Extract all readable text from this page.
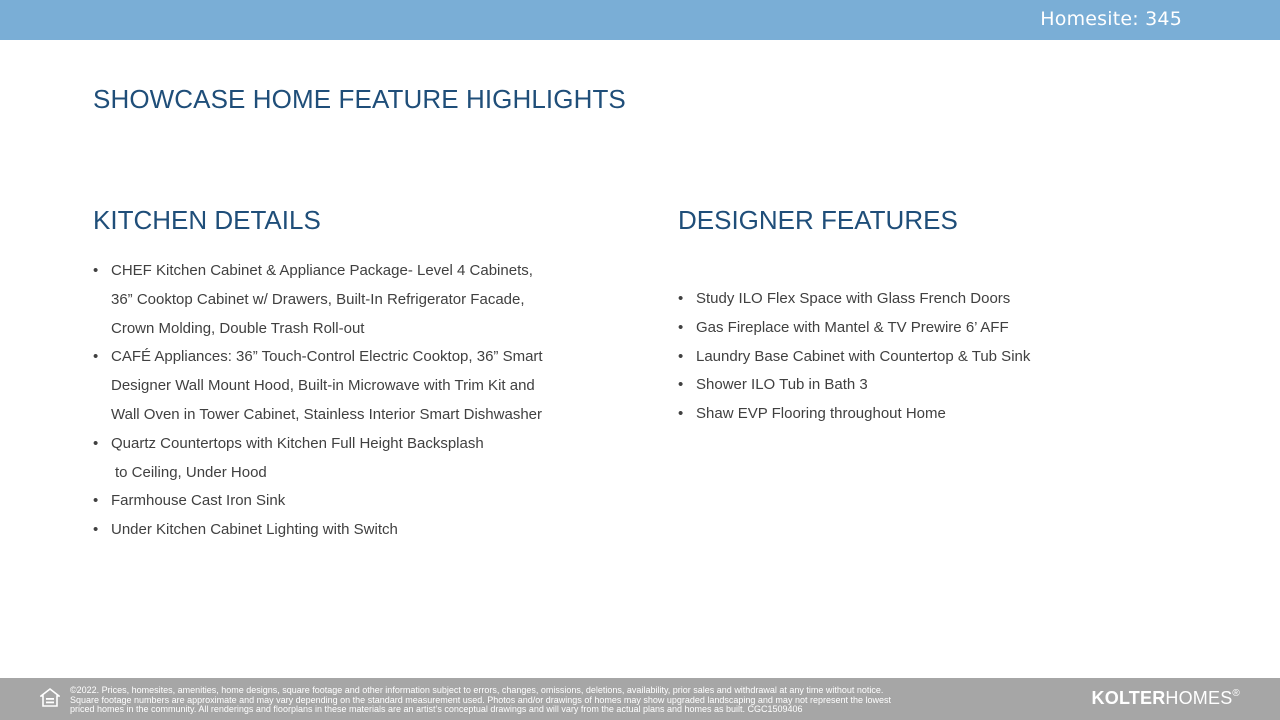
Homesite: 345
SHOWCASE HOME FEATURE HIGHLIGHTS
KITCHEN DETAILS
• CHEF Kitchen Cabinet & Appliance Package- Level 4 Cabinets,
36” Cooktop Cabinet w/ Drawers, Built-In Refrigerator Facade,
Crown Molding, Double Trash Roll-out
• CAFÉ Appliances: 36” Touch-Control Electric Cooktop, 36” Smart
Designer Wall Mount Hood, Built-in Microwave with Trim Kit and
Wall Oven in Tower Cabinet, Stainless Interior Smart Dishwasher
• Quartz Countertops with Kitchen Full Height Backsplash
to Ceiling, Under Hood
• Farmhouse Cast Iron Sink
• Under Kitchen Cabinet Lighting with Switch
DESIGNER FEATURES
• Study ILO Flex Space with Glass French Doors
• Gas Fireplace with Mantel & TV Prewire 6’ AFF
• Laundry Base Cabinet with Countertop & Tub Sink
• Shower ILO Tub in Bath 3
• Shaw EVP Flooring throughout Home
©2022. Prices, homesites, amenities, home designs, square footage and other information subject to errors, changes, omissions, deletions, availability, prior sales and withdrawal at any time without notice.
Square footage numbers are approximate and may vary depending on the standard measurement used. Photos and/or drawings of homes may show upgraded landscaping and may not represent the lowest
priced homes in the community. All renderings and floorplans in these materials are an artist’s conceptual drawings and will vary from the actual plans and homes as built. CGC1509406
KOLTERHOMES®
